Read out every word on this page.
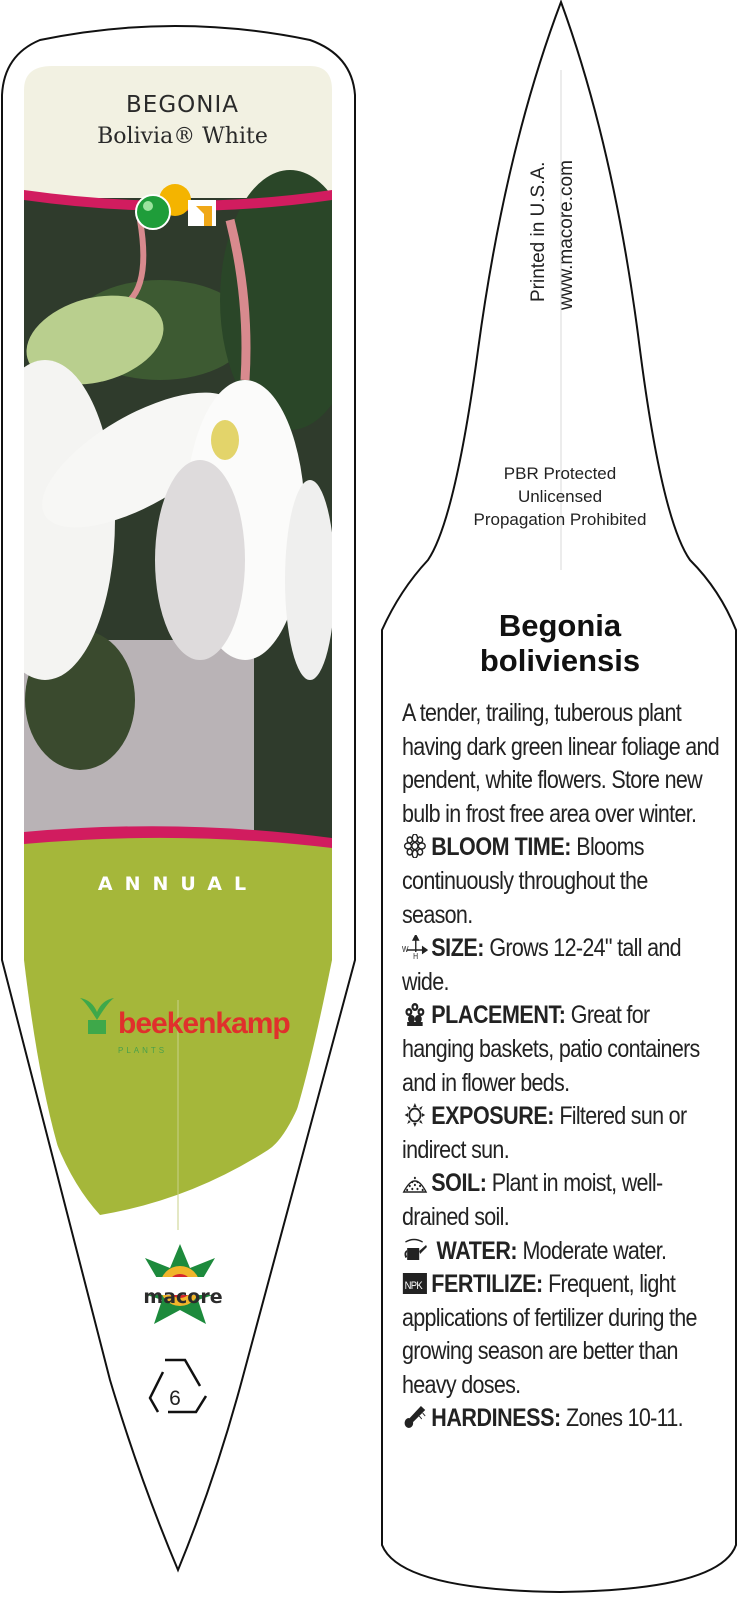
BEGONIA
Bolivia® White
ANNUAL
beekenkamp
PLANTS
macore
6
Printed in U.S.A. www.macore.com
PBR Protected
Unlicensed
Propagation Prohibited
Begonia
boliviensis

A tender, trailing, tuberous plant having dark green linear foliage and pendent, white flowers. Store new bulb in frost free area over winter.

BLOOM TIME: Blooms continuously throughout the season.

W
H SIZE: Grows 12-24" tall and wide.

PLACEMENT: Great for hanging baskets, patio containers and in flower beds.

EXPOSURE: Filtered sun or indirect sun.

SOIL: Plant in moist, well-drained soil.

WATER: Moderate water.

NPK FERTILIZE: Frequent, light applications of fertilizer during the growing season are better than heavy doses.

HARDINESS: Zones 10-11.
